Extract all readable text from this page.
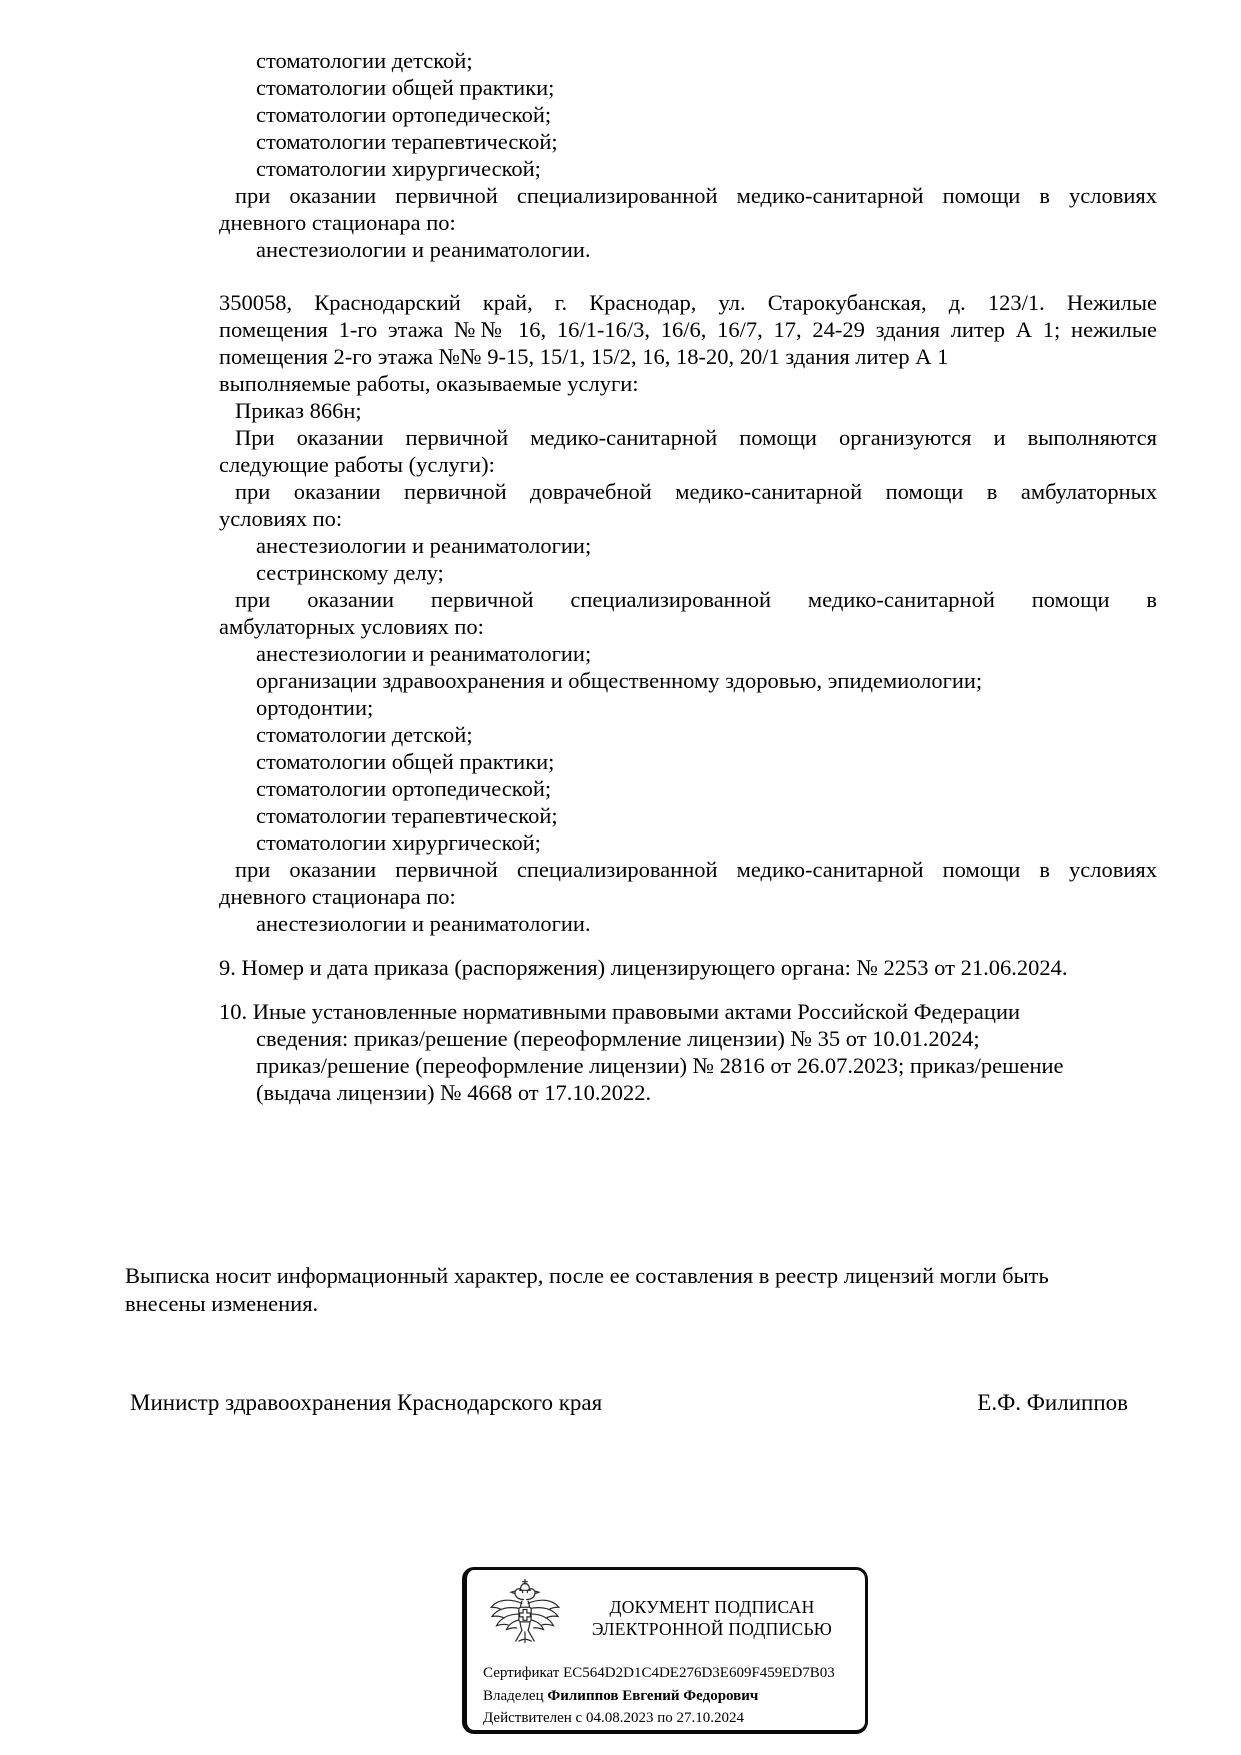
стоматологии детской;
стоматологии общей практики;
стоматологии ортопедической;
стоматологии терапевтической;
стоматологии хирургической;
при оказании первичной специализированной медико-санитарной помощи в условиях
дневного стационара по:
анестезиологии и реаниматологии.
350058, Краснодарский край, г. Краснодар, ул. Старокубанская, д. 123/1. Нежилые
помещения 1-го этажа №№ 16, 16/1-16/3, 16/6, 16/7, 17, 24-29 здания литер А 1; нежилые
помещения 2-го этажа №№ 9-15, 15/1, 15/2, 16, 18-20, 20/1 здания литер А 1
выполняемые работы, оказываемые услуги:
Приказ 866н;
При оказании первичной медико-санитарной помощи организуются и выполняются
следующие работы (услуги):
при оказании первичной доврачебной медико-санитарной помощи в амбулаторных
условиях по:
анестезиологии и реаниматологии;
сестринскому делу;
при оказании первичной специализированной медико-санитарной помощи в
амбулаторных условиях по:
анестезиологии и реаниматологии;
организации здравоохранения и общественному здоровью, эпидемиологии;
ортодонтии;
стоматологии детской;
стоматологии общей практики;
стоматологии ортопедической;
стоматологии терапевтической;
стоматологии хирургической;
при оказании первичной специализированной медико-санитарной помощи в условиях
дневного стационара по:
анестезиологии и реаниматологии.
9. Номер и дата приказа (распоряжения) лицензирующего органа: № 2253 от 21.06.2024.
10. Иные установленные нормативными правовыми актами Российской Федерации
сведения: приказ/решение (переоформление лицензии) № 35 от 10.01.2024;
приказ/решение (переоформление лицензии) № 2816 от 26.07.2023; приказ/решение
(выдача лицензии) № 4668 от 17.10.2022.
Выписка носит информационный характер, после ее составления в реестр лицензий могли быть
внесены изменения.
Министр здравоохранения Краснодарского края	Е.Ф. Филиппов
ДОКУМЕНТ ПОДПИСАН
ЭЛЕКТРОННОЙ ПОДПИСЬЮ
Сертификат EC564D2D1C4DE276D3E609F459ED7B03
Владелец Филиппов Евгений Федорович
Действителен с 04.08.2023 по 27.10.2024
